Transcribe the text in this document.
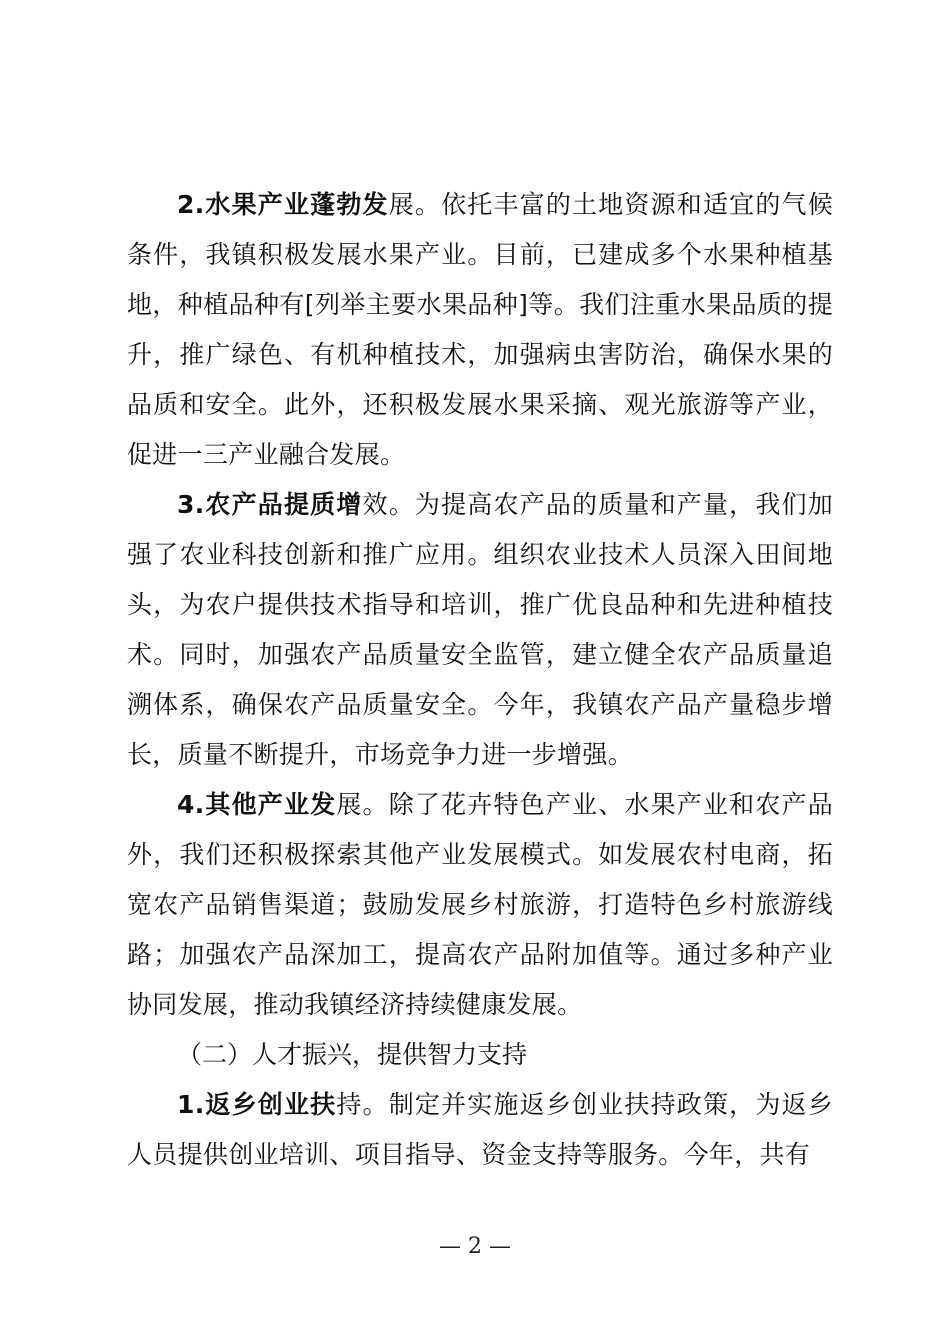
2.水果产业蓬勃发展。依托丰富的土地资源和适宜的气候条件，我镇积极发展水果产业。目前，已建成多个水果种植基地，种植品种有[列举主要水果品种]等。我们注重水果品质的提升，推广绿色、有机种植技术，加强病虫害防治，确保水果的品质和安全。此外，还积极发展水果采摘、观光旅游等产业，促进一三产业融合发展。

3.农产品提质增效。为提高农产品的质量和产量，我们加强了农业科技创新和推广应用。组织农业技术人员深入田间地头，为农户提供技术指导和培训，推广优良品种和先进种植技术。同时，加强农产品质量安全监管，建立健全农产品质量追溯体系，确保农产品质量安全。今年，我镇农产品产量稳步增长，质量不断提升，市场竞争力进一步增强。

4.其他产业发展。除了花卉特色产业、水果产业和农产品外，我们还积极探索其他产业发展模式。如发展农村电商，拓宽农产品销售渠道；鼓励发展乡村旅游，打造特色乡村旅游线路；加强农产品深加工，提高农产品附加值等。通过多种产业协同发展，推动我镇经济持续健康发展。

（二）人才振兴，提供智力支持

1.返乡创业扶持。制定并实施返乡创业扶持政策，为返乡人员提供创业培训、项目指导、资金支持等服务。今年，共有

— 2 —
